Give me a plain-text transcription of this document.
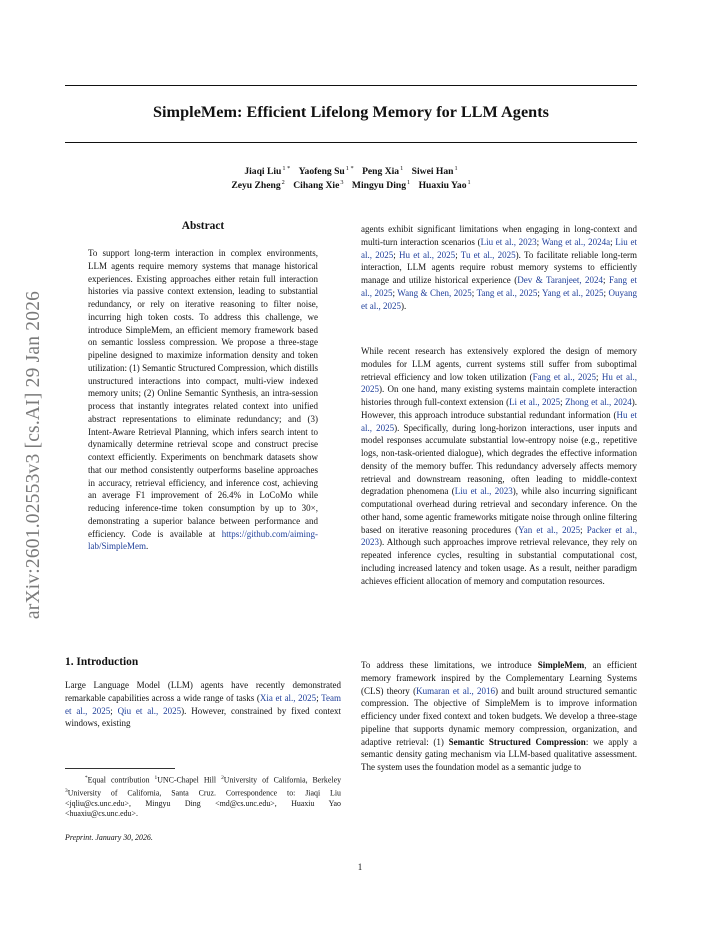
arXiv:2601.02553v3 [cs.AI] 29 Jan 2026
SimpleMem: Efficient Lifelong Memory for LLM Agents
Jiaqi Liu$^{1 *}$ Yaofeng $Su^{1 *}$ Peng Xia$^1$ Siwei Han$^1$
Zeyu Zheng$^2$ Cihang Xie$^3$ Mingyu Ding$^1$ Huaxiu Yao$^1$
Abstract

To support long-term interaction in complex environments, LLM agents require memory systems that manage historical experiences. Existing approaches either retain full interaction histories via passive context extension, leading to substantial redundancy, or rely on iterative reasoning to filter noise, incurring high token costs. To address this challenge, we introduce SimpleMem, an efficient memory framework based on semantic lossless compression. We propose a three-stage pipeline designed to maximize information density and token utilization: (1) Semantic Structured Compression, which distills unstructured interactions into compact, multi-view indexed memory units; (2) Online Semantic Synthesis, an intra-session process that instantly integrates related context into unified abstract representations to eliminate redundancy; and (3) Intent-Aware Retrieval Planning, which infers search intent to dynamically determine retrieval scope and construct precise context efficiently. Experiments on benchmark datasets show that our method consistently outperforms baseline approaches in accuracy, retrieval efficiency, and inference cost, achieving an average F1 improvement of 26.4% in LoCoMo while reducing inference-time token consumption by up to 30×, demonstrating a superior balance between performance and efficiency. Code is available at https://github.com/aiming-lab/SimpleMem.

1. Introduction

Large Language Model (LLM) agents have recently demonstrated remarkable capabilities across a wide range of tasks (Xia et al., 2025; Team et al., 2025; Qiu et al., 2025). However, constrained by fixed context windows, existing

*Equal contribution $^1$UNC-Chapel Hill $^2$University of California, Berkeley $^3$University of California, Santa Cruz. Correspondence to: Jiaqi Liu <jqliu@cs.unc.edu>, Mingyu Ding <md@cs.unc.edu>, Huaxiu Yao <huaxiu@cs.unc.edu>.

Preprint. January 30, 2026.

agents exhibit significant limitations when engaging in long-context and multi-turn interaction scenarios (Liu et al., 2023; Wang et al., 2024a; Liu et al., 2025; Hu et al., 2025; Tu et al., 2025). To facilitate reliable long-term interaction, LLM agents require robust memory systems to efficiently manage and utilize historical experience (Dev & Taranjeet, 2024; Fang et al., 2025; Wang & Chen, 2025; Tang et al., 2025; Yang et al., 2025; Ouyang et al., 2025).

While recent research has extensively explored the design of memory modules for LLM agents, current systems still suffer from suboptimal retrieval efficiency and low token utilization (Fang et al., 2025; Hu et al., 2025). On one hand, many existing systems maintain complete interaction histories through full-context extension (Li et al., 2025; Zhong et al., 2024). However, this approach introduce substantial redundant information (Hu et al., 2025). Specifically, during long-horizon interactions, user inputs and model responses accumulate substantial low-entropy noise (e.g., repetitive logs, non-task-oriented dialogue), which degrades the effective information density of the memory buffer. This redundancy adversely affects memory retrieval and downstream reasoning, often leading to middle-context degradation phenomena (Liu et al., 2023), while also incurring significant computational overhead during retrieval and secondary inference. On the other hand, some agentic frameworks mitigate noise through online filtering based on iterative reasoning procedures (Yan et al., 2025; Packer et al., 2023). Although such approaches improve retrieval relevance, they rely on repeated inference cycles, resulting in substantial computational cost, including increased latency and token usage. As a result, neither paradigm achieves efficient allocation of memory and computation resources.

To address these limitations, we introduce SimpleMem, an efficient memory framework inspired by the Complementary Learning Systems (CLS) theory (Kumaran et al., 2016) and built around structured semantic compression. The objective of SimpleMem is to improve information efficiency under fixed context and token budgets. We develop a three-stage pipeline that supports dynamic memory compression, organization, and adaptive retrieval: (1) Semantic Structured Compression: we apply a semantic density gating mechanism via LLM-based qualitative assessment. The system uses the foundation model as a semantic judge to

1
